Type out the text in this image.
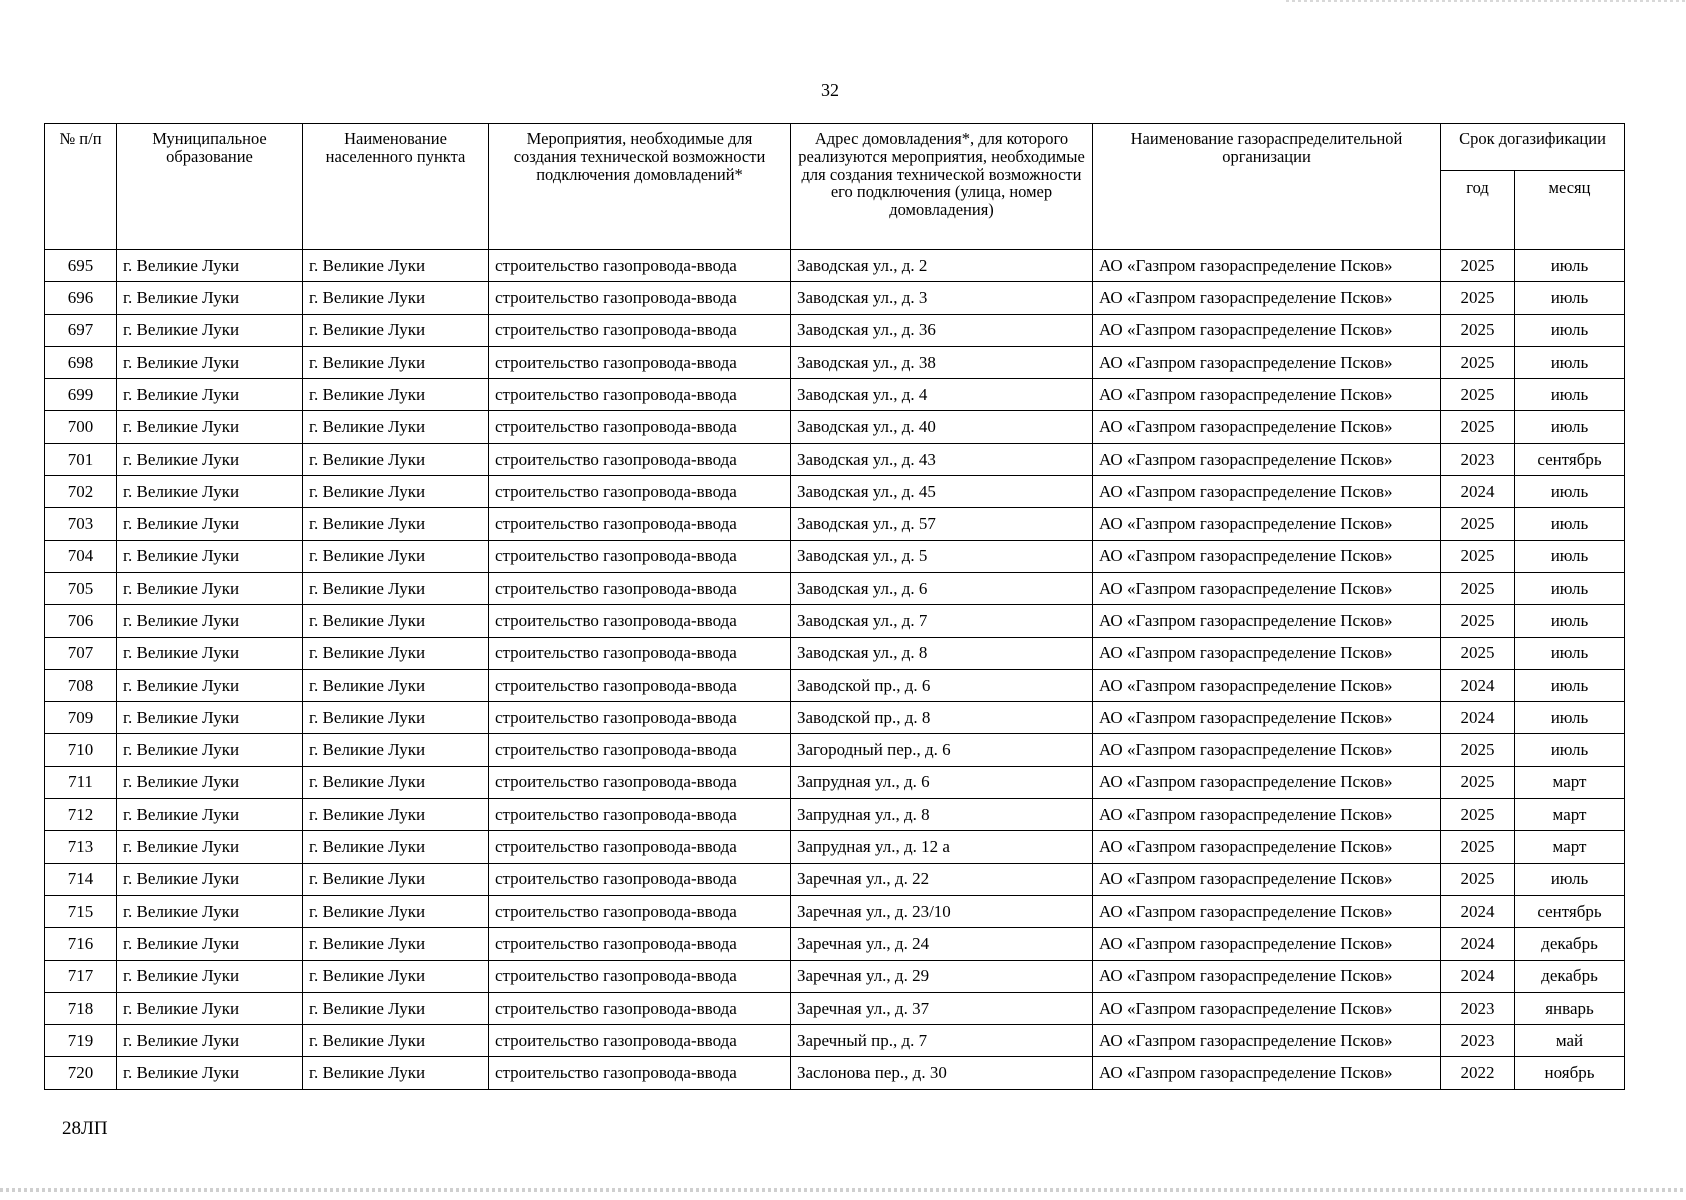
32
№ п/п	Муниципальное образование	Наименование населенного пункта	Мероприятия, необходимые для создания технической возможности подключения домовладений*	Адрес домовладения*, для которого реализуются мероприятия, необходимые для создания технической возможности его подключения (улица, номер домовладения)	Наименование газораспределительной организации	Срок догазификации	
						год	месяц
695	г. Великие Луки	г. Великие Луки	строительство газопровода-ввода	Заводская ул., д. 2	АО «Газпром газораспределение Псков»	2025	июль
696	г. Великие Луки	г. Великие Луки	строительство газопровода-ввода	Заводская ул., д. 3	АО «Газпром газораспределение Псков»	2025	июль
697	г. Великие Луки	г. Великие Луки	строительство газопровода-ввода	Заводская ул., д. 36	АО «Газпром газораспределение Псков»	2025	июль
698	г. Великие Луки	г. Великие Луки	строительство газопровода-ввода	Заводская ул., д. 38	АО «Газпром газораспределение Псков»	2025	июль
699	г. Великие Луки	г. Великие Луки	строительство газопровода-ввода	Заводская ул., д. 4	АО «Газпром газораспределение Псков»	2025	июль
700	г. Великие Луки	г. Великие Луки	строительство газопровода-ввода	Заводская ул., д. 40	АО «Газпром газораспределение Псков»	2025	июль
701	г. Великие Луки	г. Великие Луки	строительство газопровода-ввода	Заводская ул., д. 43	АО «Газпром газораспределение Псков»	2023	сентябрь
702	г. Великие Луки	г. Великие Луки	строительство газопровода-ввода	Заводская ул., д. 45	АО «Газпром газораспределение Псков»	2024	июль
703	г. Великие Луки	г. Великие Луки	строительство газопровода-ввода	Заводская ул., д. 57	АО «Газпром газораспределение Псков»	2025	июль
704	г. Великие Луки	г. Великие Луки	строительство газопровода-ввода	Заводская ул., д. 5	АО «Газпром газораспределение Псков»	2025	июль
705	г. Великие Луки	г. Великие Луки	строительство газопровода-ввода	Заводская ул., д. 6	АО «Газпром газораспределение Псков»	2025	июль
706	г. Великие Луки	г. Великие Луки	строительство газопровода-ввода	Заводская ул., д. 7	АО «Газпром газораспределение Псков»	2025	июль
707	г. Великие Луки	г. Великие Луки	строительство газопровода-ввода	Заводская ул., д. 8	АО «Газпром газораспределение Псков»	2025	июль
708	г. Великие Луки	г. Великие Луки	строительство газопровода-ввода	Заводской пр., д. 6	АО «Газпром газораспределение Псков»	2024	июль
709	г. Великие Луки	г. Великие Луки	строительство газопровода-ввода	Заводской пр., д. 8	АО «Газпром газораспределение Псков»	2024	июль
710	г. Великие Луки	г. Великие Луки	строительство газопровода-ввода	Загородный пер., д. 6	АО «Газпром газораспределение Псков»	2025	июль
711	г. Великие Луки	г. Великие Луки	строительство газопровода-ввода	Запрудная ул., д. 6	АО «Газпром газораспределение Псков»	2025	март
712	г. Великие Луки	г. Великие Луки	строительство газопровода-ввода	Запрудная ул., д. 8	АО «Газпром газораспределение Псков»	2025	март
713	г. Великие Луки	г. Великие Луки	строительство газопровода-ввода	Запрудная ул., д. 12 а	АО «Газпром газораспределение Псков»	2025	март
714	г. Великие Луки	г. Великие Луки	строительство газопровода-ввода	Заречная ул., д. 22	АО «Газпром газораспределение Псков»	2025	июль
715	г. Великие Луки	г. Великие Луки	строительство газопровода-ввода	Заречная ул., д. 23/10	АО «Газпром газораспределение Псков»	2024	сентябрь
716	г. Великие Луки	г. Великие Луки	строительство газопровода-ввода	Заречная ул., д. 24	АО «Газпром газораспределение Псков»	2024	декабрь
717	г. Великие Луки	г. Великие Луки	строительство газопровода-ввода	Заречная ул., д. 29	АО «Газпром газораспределение Псков»	2024	декабрь
718	г. Великие Луки	г. Великие Луки	строительство газопровода-ввода	Заречная ул., д. 37	АО «Газпром газораспределение Псков»	2023	январь
719	г. Великие Луки	г. Великие Луки	строительство газопровода-ввода	Заречный пр., д. 7	АО «Газпром газораспределение Псков»	2023	май
720	г. Великие Луки	г. Великие Луки	строительство газопровода-ввода	Заслонова пер., д. 30	АО «Газпром газораспределение Псков»	2022	ноябрь
28ЛП
